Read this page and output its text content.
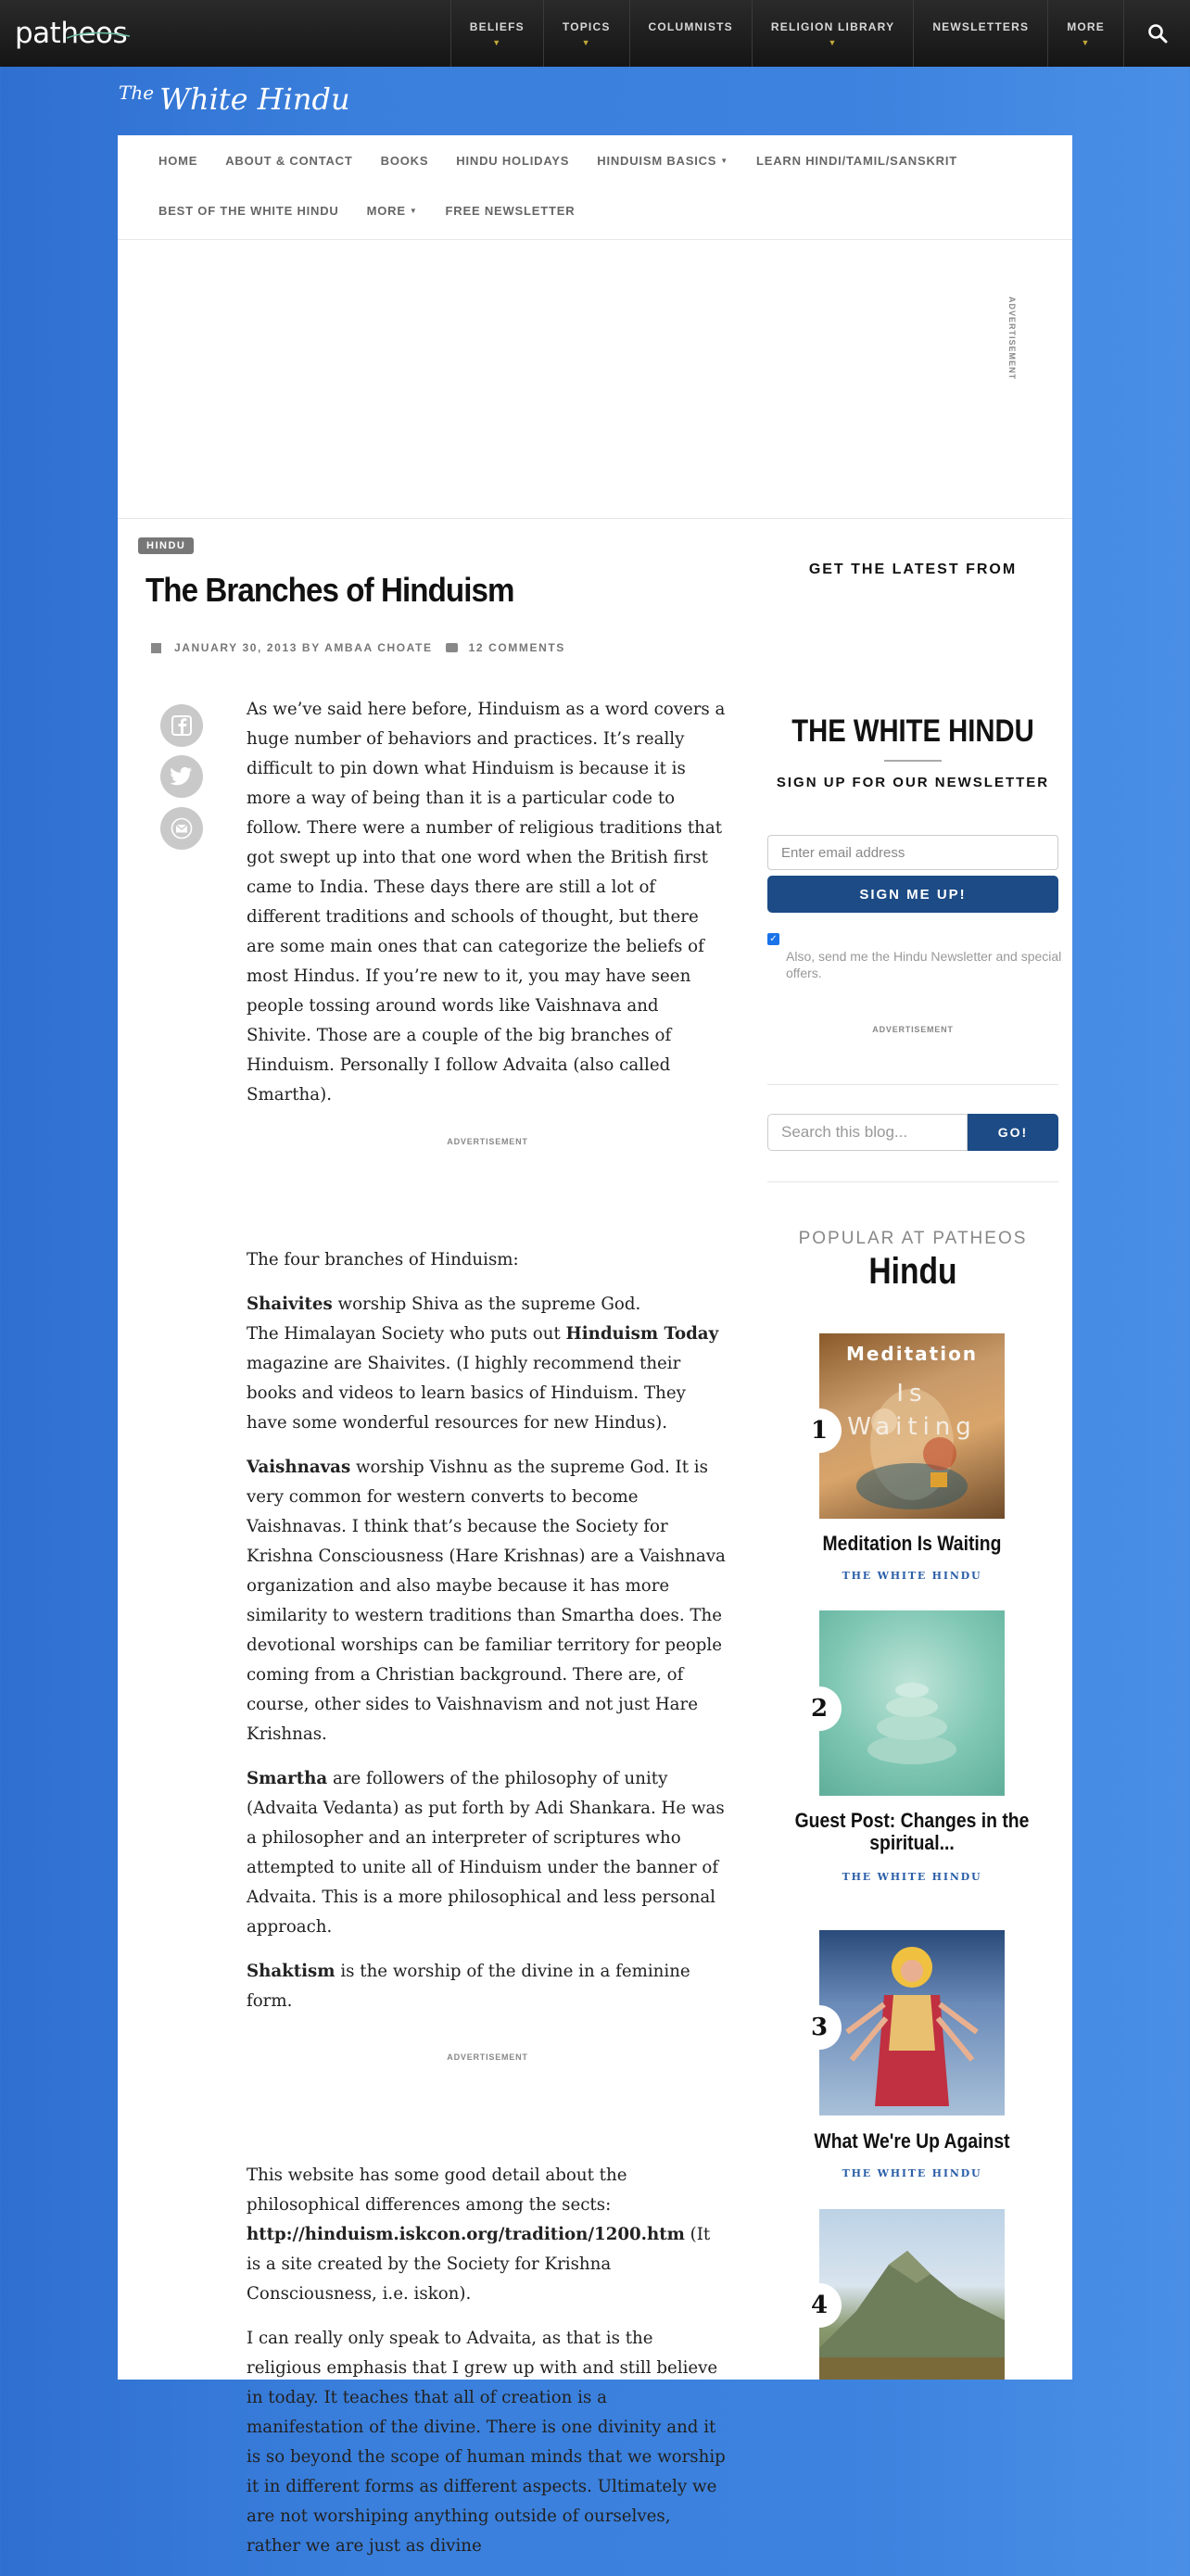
patheos	BELIEFS
▼
TOPICS
▼
COLUMNISTS	RELIGION LIBRARY
▼
NEWSLETTERS	MORE
▼
$^{The}$ White Hindu
HOME ABOUT & CONTACT BOOKS HINDU HOLIDAYS HINDUISM BASICS ▼ LEARN HINDI/TAMIL/SANSKRIT
BEST OF THE WHITE HINDU MORE ▼ FREE NEWSLETTER
ADVERTISEMENT
HINDU
The Branches of Hinduism
JANUARY 30, 2013 BY AMBAA CHOATE	12 COMMENTS

As we’ve said here before, Hinduism as a word covers a huge number of behaviors and practices. It’s really difficult to pin down what Hinduism is because it is more a way of being than it is a particular code to follow. There were a number of religious traditions that got swept up into that one word when the British first came to India. These days there are still a lot of different traditions and schools of thought, but there are some main ones that can categorize the beliefs of most Hindus. If you’re new to it, you may have seen people tossing around words like Vaishnava and Shivite. Those are a couple of the big branches of Hinduism. Personally I follow Advaita (also called Smartha).

ADVERTISEMENT

The four branches of Hinduism:

Shaivites worship Shiva as the supreme God.
The Himalayan Society who puts out Hinduism Today magazine are Shaivites. (I highly recommend their books and videos to learn basics of Hinduism. They have some wonderful resources for new Hindus).

Vaishnavas worship Vishnu as the supreme God. It is very common for western converts to become Vaishnavas. I think that’s because the Society for Krishna Consciousness (Hare Krishnas) are a Vaishnava organization and also maybe because it has more similarity to western traditions than Smartha does. The devotional worships can be familiar territory for people coming from a Christian background. There are, of course, other sides to Vaishnavism and not just Hare Krishnas.

Smartha are followers of the philosophy of unity (Advaita Vedanta) as put forth by Adi Shankara. He was a philosopher and an interpreter of scriptures who attempted to unite all of Hinduism under the banner of Advaita. This is a more philosophical and less personal approach.

Shaktism is the worship of the divine in a feminine form.

ADVERTISEMENT

This website has some good detail about the philosophical differences among the sects: http://hinduism.iskcon.org/tradition/1200.htm (It is a site created by the Society for Krishna Consciousness, i.e. iskon).

I can really only speak to Advaita, as that is the religious emphasis that I grew up with and still believe in today. It teaches that all of creation is a manifestation of the divine. There is one divinity and it is so beyond the scope of human minds that we worship it in different forms as different aspects. Ultimately we are not worshiping anything outside of ourselves, rather we are just as divine

GET THE LATEST FROM
THE WHITE HINDU
SIGN UP FOR OUR NEWSLETTER
Enter email address
SIGN ME UP!
✓
Also, send me the Hindu Newsletter and special offers.
ADVERTISEMENT
Search this blog...	GO!
POPULAR AT PATHEOS
Hindu
Meditation
Is
Waiting
1
Meditation Is Waiting
THE WHITE HINDU
2
Guest Post: Changes in the spiritual...
THE WHITE HINDU
3
What We're Up Against
THE WHITE HINDU
4
